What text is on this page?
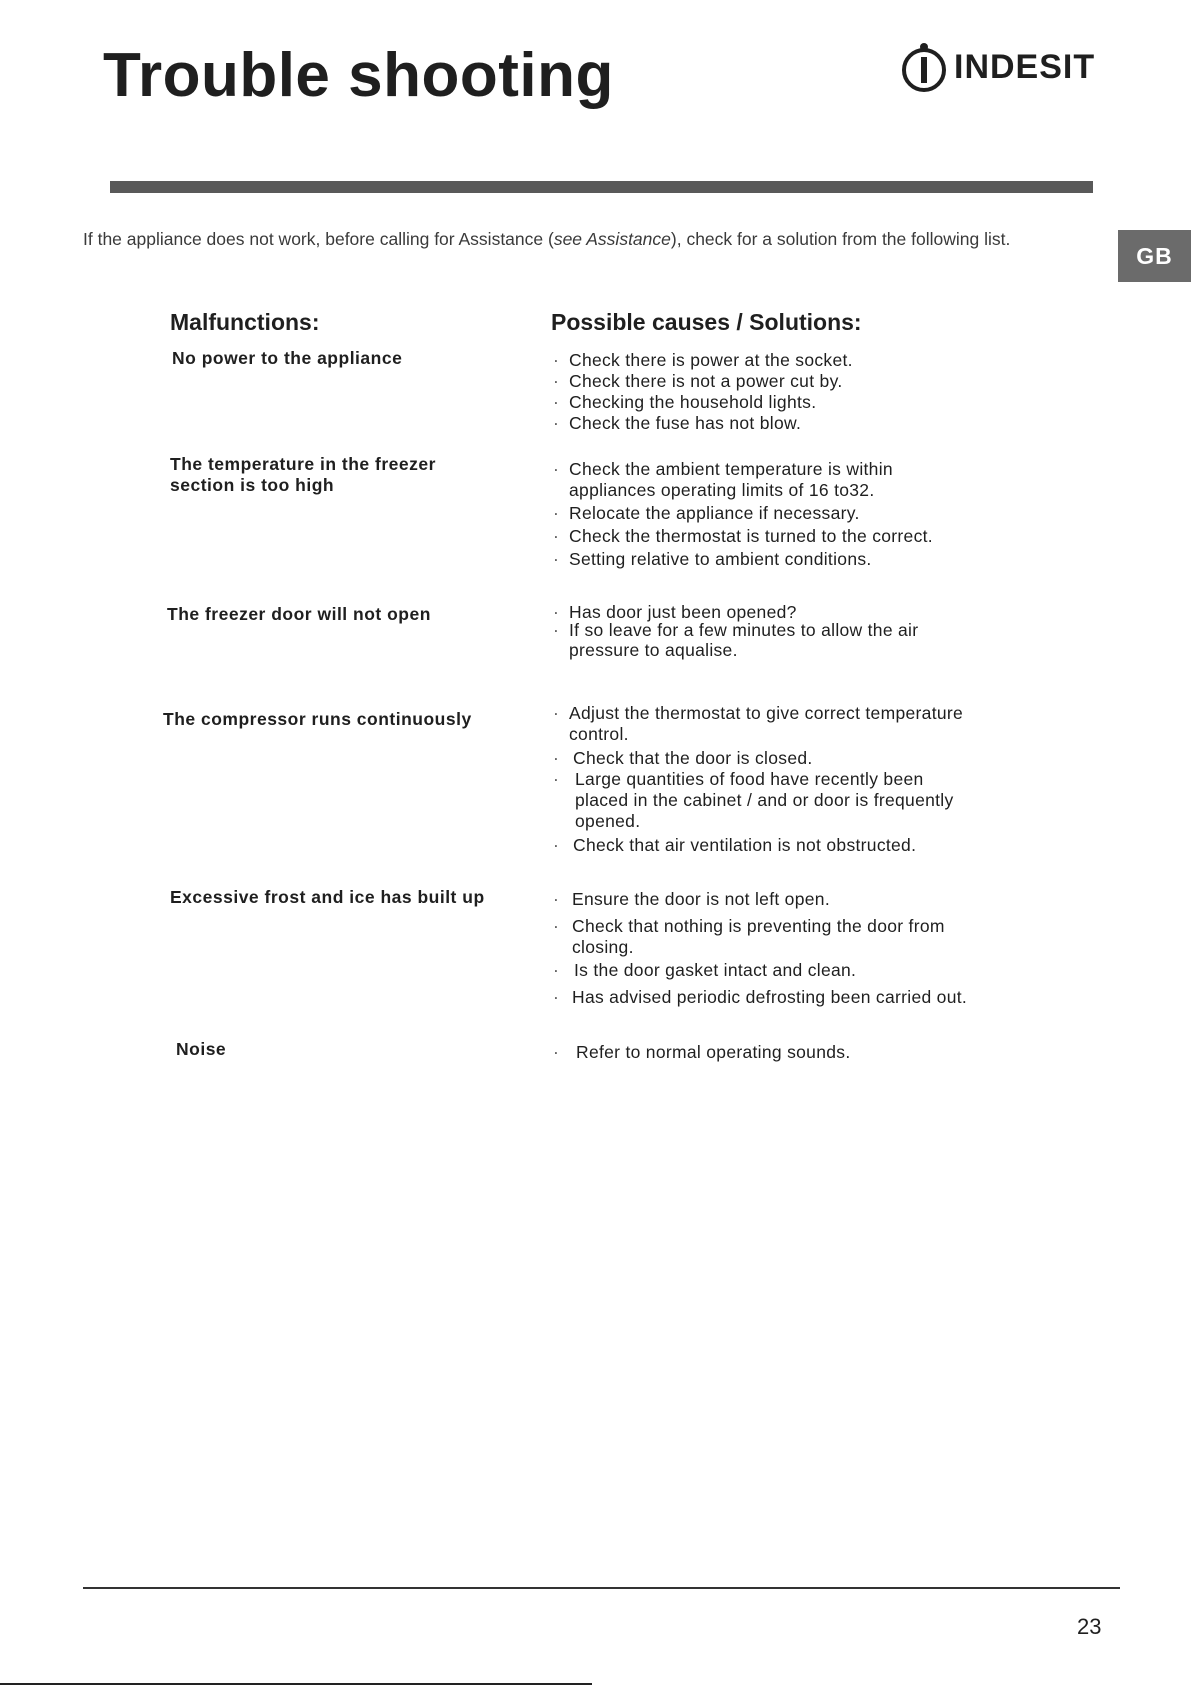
Trouble shooting	INDESIT
If the appliance does not work, before calling for Assistance (see Assistance), check for a solution from the following list.
GB
Malfunctions:	Possible causes / Solutions:
No power to the appliance	· Check there is power at the socket.
· Check there is not a power cut by.
· Checking the household lights.
· Check the fuse has not blow.
The temperature in the freezer
section is too high
· Check the ambient temperature is within
appliances operating limits of 16 to32.
· Relocate the appliance if necessary.
· Check the thermostat is turned to the correct.
· Setting relative to ambient conditions.
The freezer door will not open	· Has door just been opened?
· If so leave for a few minutes to allow the air
pressure to aqualise.
The compressor runs continuously	· Adjust the thermostat to give correct temperature
control.
· Check that the door is closed.
· Large quantities of food have recently been
placed in the cabinet / and or door is frequently
opened.
· Check that air ventilation is not obstructed.
Excessive frost and ice has built up	· Ensure the door is not left open.
· Check that nothing is preventing the door from
closing.
· Is the door gasket intact and clean.
· Has advised periodic defrosting been carried out.
Noise	· Refer to normal operating sounds.
23
